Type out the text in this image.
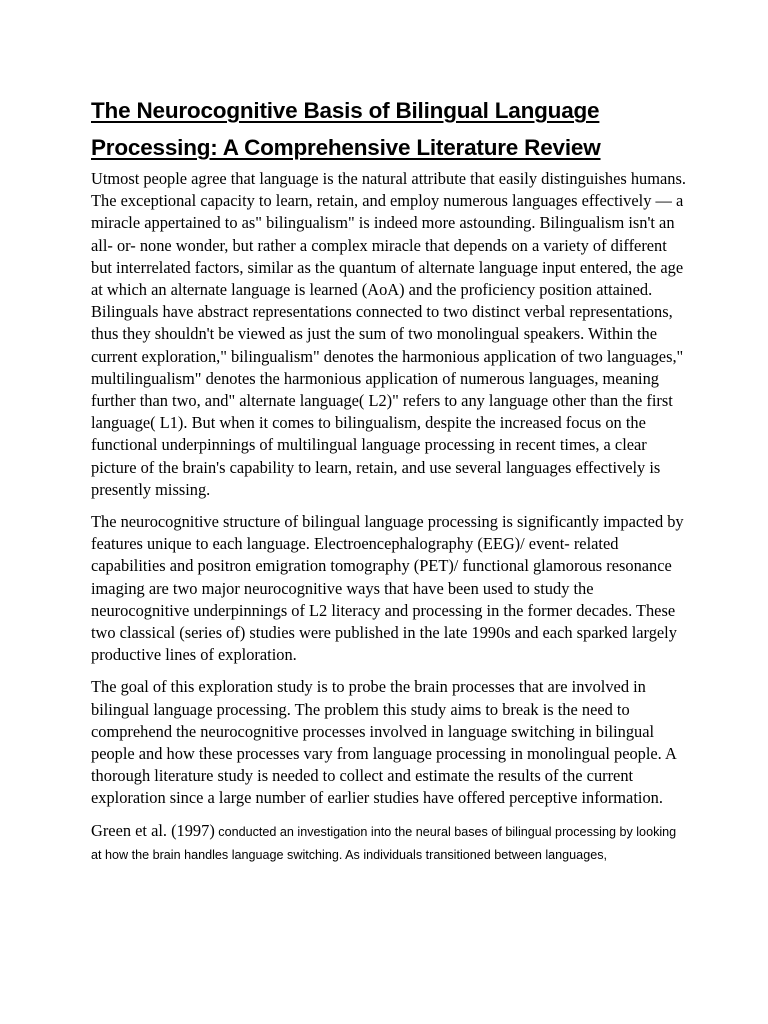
The Neurocognitive Basis of Bilingual Language
Processing: A Comprehensive Literature Review

Utmost people agree that language is the natural attribute that easily distinguishes humans. The exceptional capacity to learn, retain, and employ numerous languages effectively — a miracle appertained to as" bilingualism" is indeed more astounding. Bilingualism isn't an all- or- none wonder, but rather a complex miracle that depends on a variety of different but interrelated factors, similar as the quantum of alternate language input entered, the age at which an alternate language is learned (AoA) and the proficiency position attained. Bilinguals have abstract representations connected to two distinct verbal representations, thus they shouldn't be viewed as just the sum of two monolingual speakers. Within the current exploration," bilingualism" denotes the harmonious application of two languages," multilingualism" denotes the harmonious application of numerous languages, meaning further than two, and" alternate language( L2)" refers to any language other than the first language( L1). But when it comes to bilingualism, despite the increased focus on the functional underpinnings of multilingual language processing in recent times, a clear picture of the brain's capability to learn, retain, and use several languages effectively is presently missing.

The neurocognitive structure of bilingual language processing is significantly impacted by features unique to each language. Electroencephalography (EEG)/ event- related capabilities and positron emigration tomography (PET)/ functional glamorous resonance imaging are two major neurocognitive ways that have been used to study the neurocognitive underpinnings of L2 literacy and processing in the former decades. These two classical (series of) studies were published in the late 1990s and each sparked largely productive lines of exploration.

The goal of this exploration study is to probe the brain processes that are involved in bilingual language processing. The problem this study aims to break is the need to comprehend the neurocognitive processes involved in language switching in bilingual people and how these processes vary from language processing in monolingual people. A thorough literature study is needed to collect and estimate the results of the current exploration since a large number of earlier studies have offered perceptive information.

Green et al. (1997) conducted an investigation into the neural bases of bilingual processing by looking at how the brain handles language switching. As individuals transitioned between languages,
